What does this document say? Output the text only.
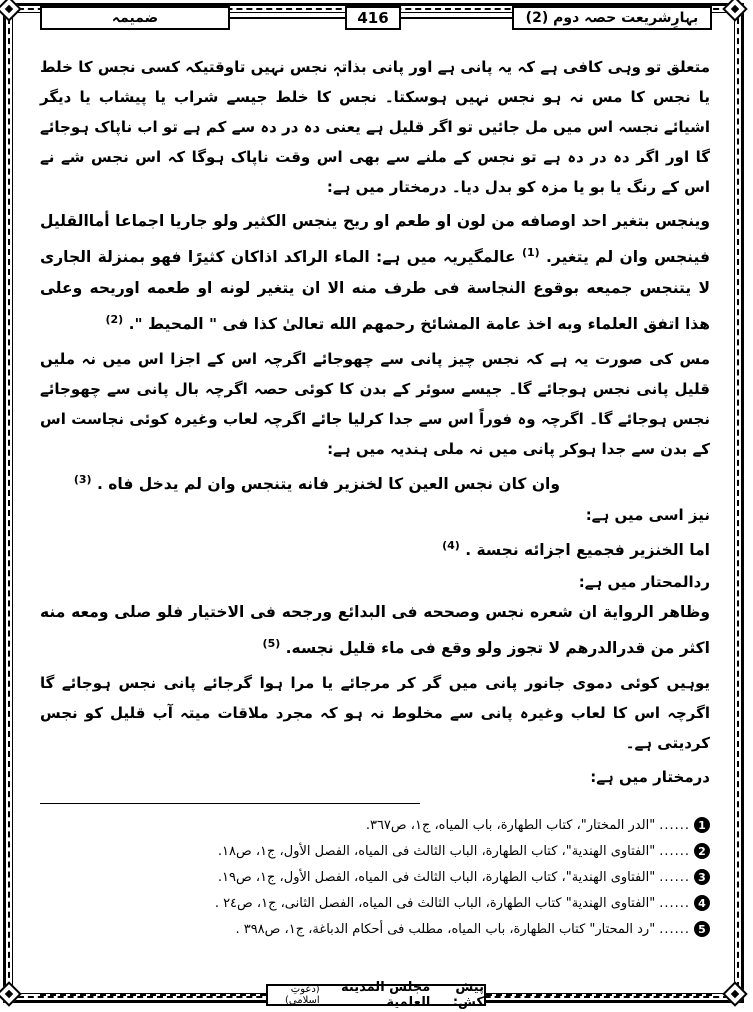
بہارِشریعت حصہ دوم (2)
416
ضمیمہ

متعلق تو وہی کافی ہے کہ یہ پانی ہے اور پانی بذاتہٖ نجس نہیں تاوقتیکہ کسی نجس کا خلط یا نجس کا مس نہ ہو نجس نہیں ہوسکتا۔ نجس کا خلط جیسے شراب یا پیشاب یا دیگر اشیائے نجسہ اس میں مل جائیں تو اگر قلیل ہے یعنی دہ در دہ سے کم ہے تو اب ناپاک ہوجائے گا اور اگر دہ در دہ ہے تو نجس کے ملنے سے بھی اس وقت ناپاک ہوگا کہ اس نجس شے نے اس کے رنگ یا بو یا مزہ کو بدل دیا۔ درمختار میں ہے:

وینجس بتغیر احد اوصافه من لون او طعم او ریح ینجس الکثیر ولو جاریا اجماعا أماالقلیل فینجس وان لم یتغیر. $^{(1)}$ عالمگیریہ میں ہے: الماء الراکد اذاکان کثیرًا فهو بمنزلة الجاری لا یتنجس جمیعه بوقوع النجاسة فی طرف منه الا ان یتغیر لونه او طعمه اوریحه وعلی هذا اتفق العلماء وبه اخذ عامة المشائخ رحمهم الله تعالیٰ کذا فی " المحیط ". $^{(2)}$

مس کی صورت یہ ہے کہ نجس چیز پانی سے چھوجائے اگرچہ اس کے اجزا اس میں نہ ملیں قلیل پانی نجس ہوجائے گا۔ جیسے سوئر کے بدن کا کوئی حصہ اگرچہ بال پانی سے چھوجائے نجس ہوجائے گا۔ اگرچہ وہ فوراً اس سے جدا کرلیا جائے اگرچہ لعاب وغیرہ کوئی نجاست اس کے بدن سے جدا ہوکر پانی میں نہ ملی ہندیہ میں ہے:

وان کان نجس العین کا لخنزیر فانه یتنجس وان لم یدخل فاه . $^{(3)}$

نیز اسی میں ہے:

اما الخنزیر فجمیع اجزائه نجسة . $^{(4)}$

ردالمحتار میں ہے:

وظاهر الروایة ان شعره نجس وصححه فی البدائع ورجحه فی الاختیار فلو صلی ومعه منه اکثر من قدرالدرهم لا تجوز ولو وقع فی ماء قلیل نجسه. $^{(5)}$

یوہیں کوئی دموی جانور پانی میں گر کر مرجائے یا مرا ہوا گرجائے پانی نجس ہوجائے گا اگرچہ اس کا لعاب وغیرہ پانی سے مخلوط نہ ہو کہ مجرد ملاقات میتہ آب قلیل کو نجس کردیتی ہے۔

درمختار میں ہے:

1
......
"الدر المختار"، کتاب الطهارة، باب المیاه، ج۱، ص۳٦٧.
2
......
"الفتاوی الهندیة"، کتاب الطهارة، الباب الثالث فی المیاه، الفصل الأول، ج۱، ص۱۸.
3
......
"الفتاوی الهندیة"، کتاب الطهارة، الباب الثالث فی المیاه، الفصل الأول، ج۱، ص۱۹.
4
......
"الفتاوی الهندیة" کتاب الطهارة، الباب الثالث فی المیاه، الفصل الثانی، ج۱، ص۲٤ .
5
......
"رد المحتار" کتاب الطهارة، باب المیاه، مطلب فی أحکام الدباغة، ج۱، ص۳۹۸ .
پیش کش:
مجلس المدینة العلمیة
(دعوتِ اسلامی)
